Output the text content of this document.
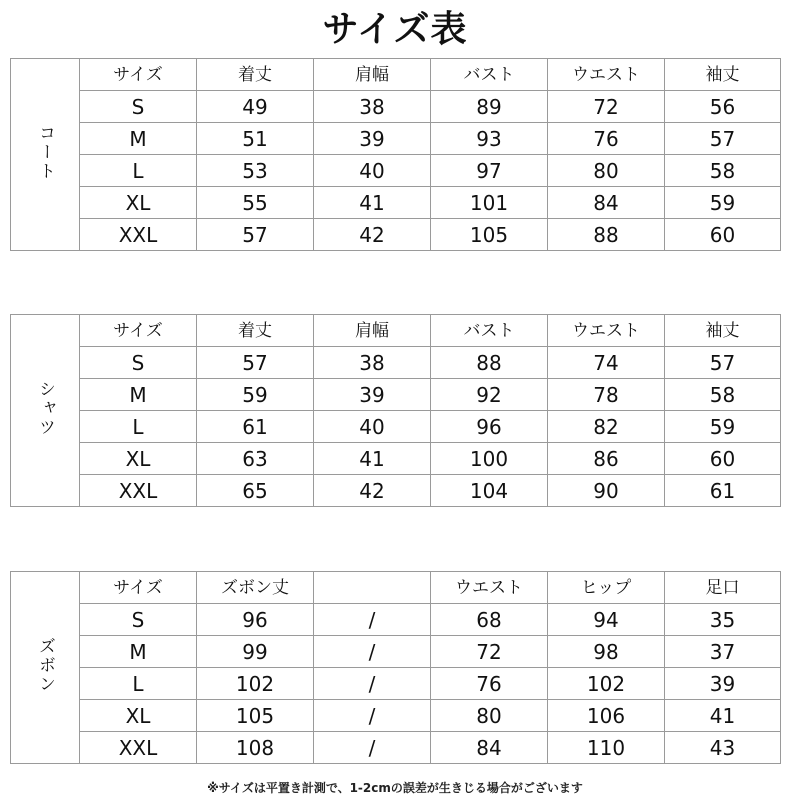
サイズ表
コート	サイズ	着丈	肩幅	バスト	ウエスト	袖丈
	S	49	38	89	72	56
	M	51	39	93	76	57
	L	53	40	97	80	58
	XL	55	41	101	84	59
	XXL	57	42	105	88	60
シャツ	サイズ	着丈	肩幅	バスト	ウエスト	袖丈
	S	57	38	88	74	57
	M	59	39	92	78	58
	L	61	40	96	82	59
	XL	63	41	100	86	60
	XXL	65	42	104	90	61
ズボン	サイズ	ズボン丈		ウエスト	ヒップ	足口
	S	96	/	68	94	35
	M	99	/	72	98	37
	L	102	/	76	102	39
	XL	105	/	80	106	41
	XXL	108	/	84	110	43
※サイズは平置き計測で、1-2cmの誤差が生きじる場合がございます
